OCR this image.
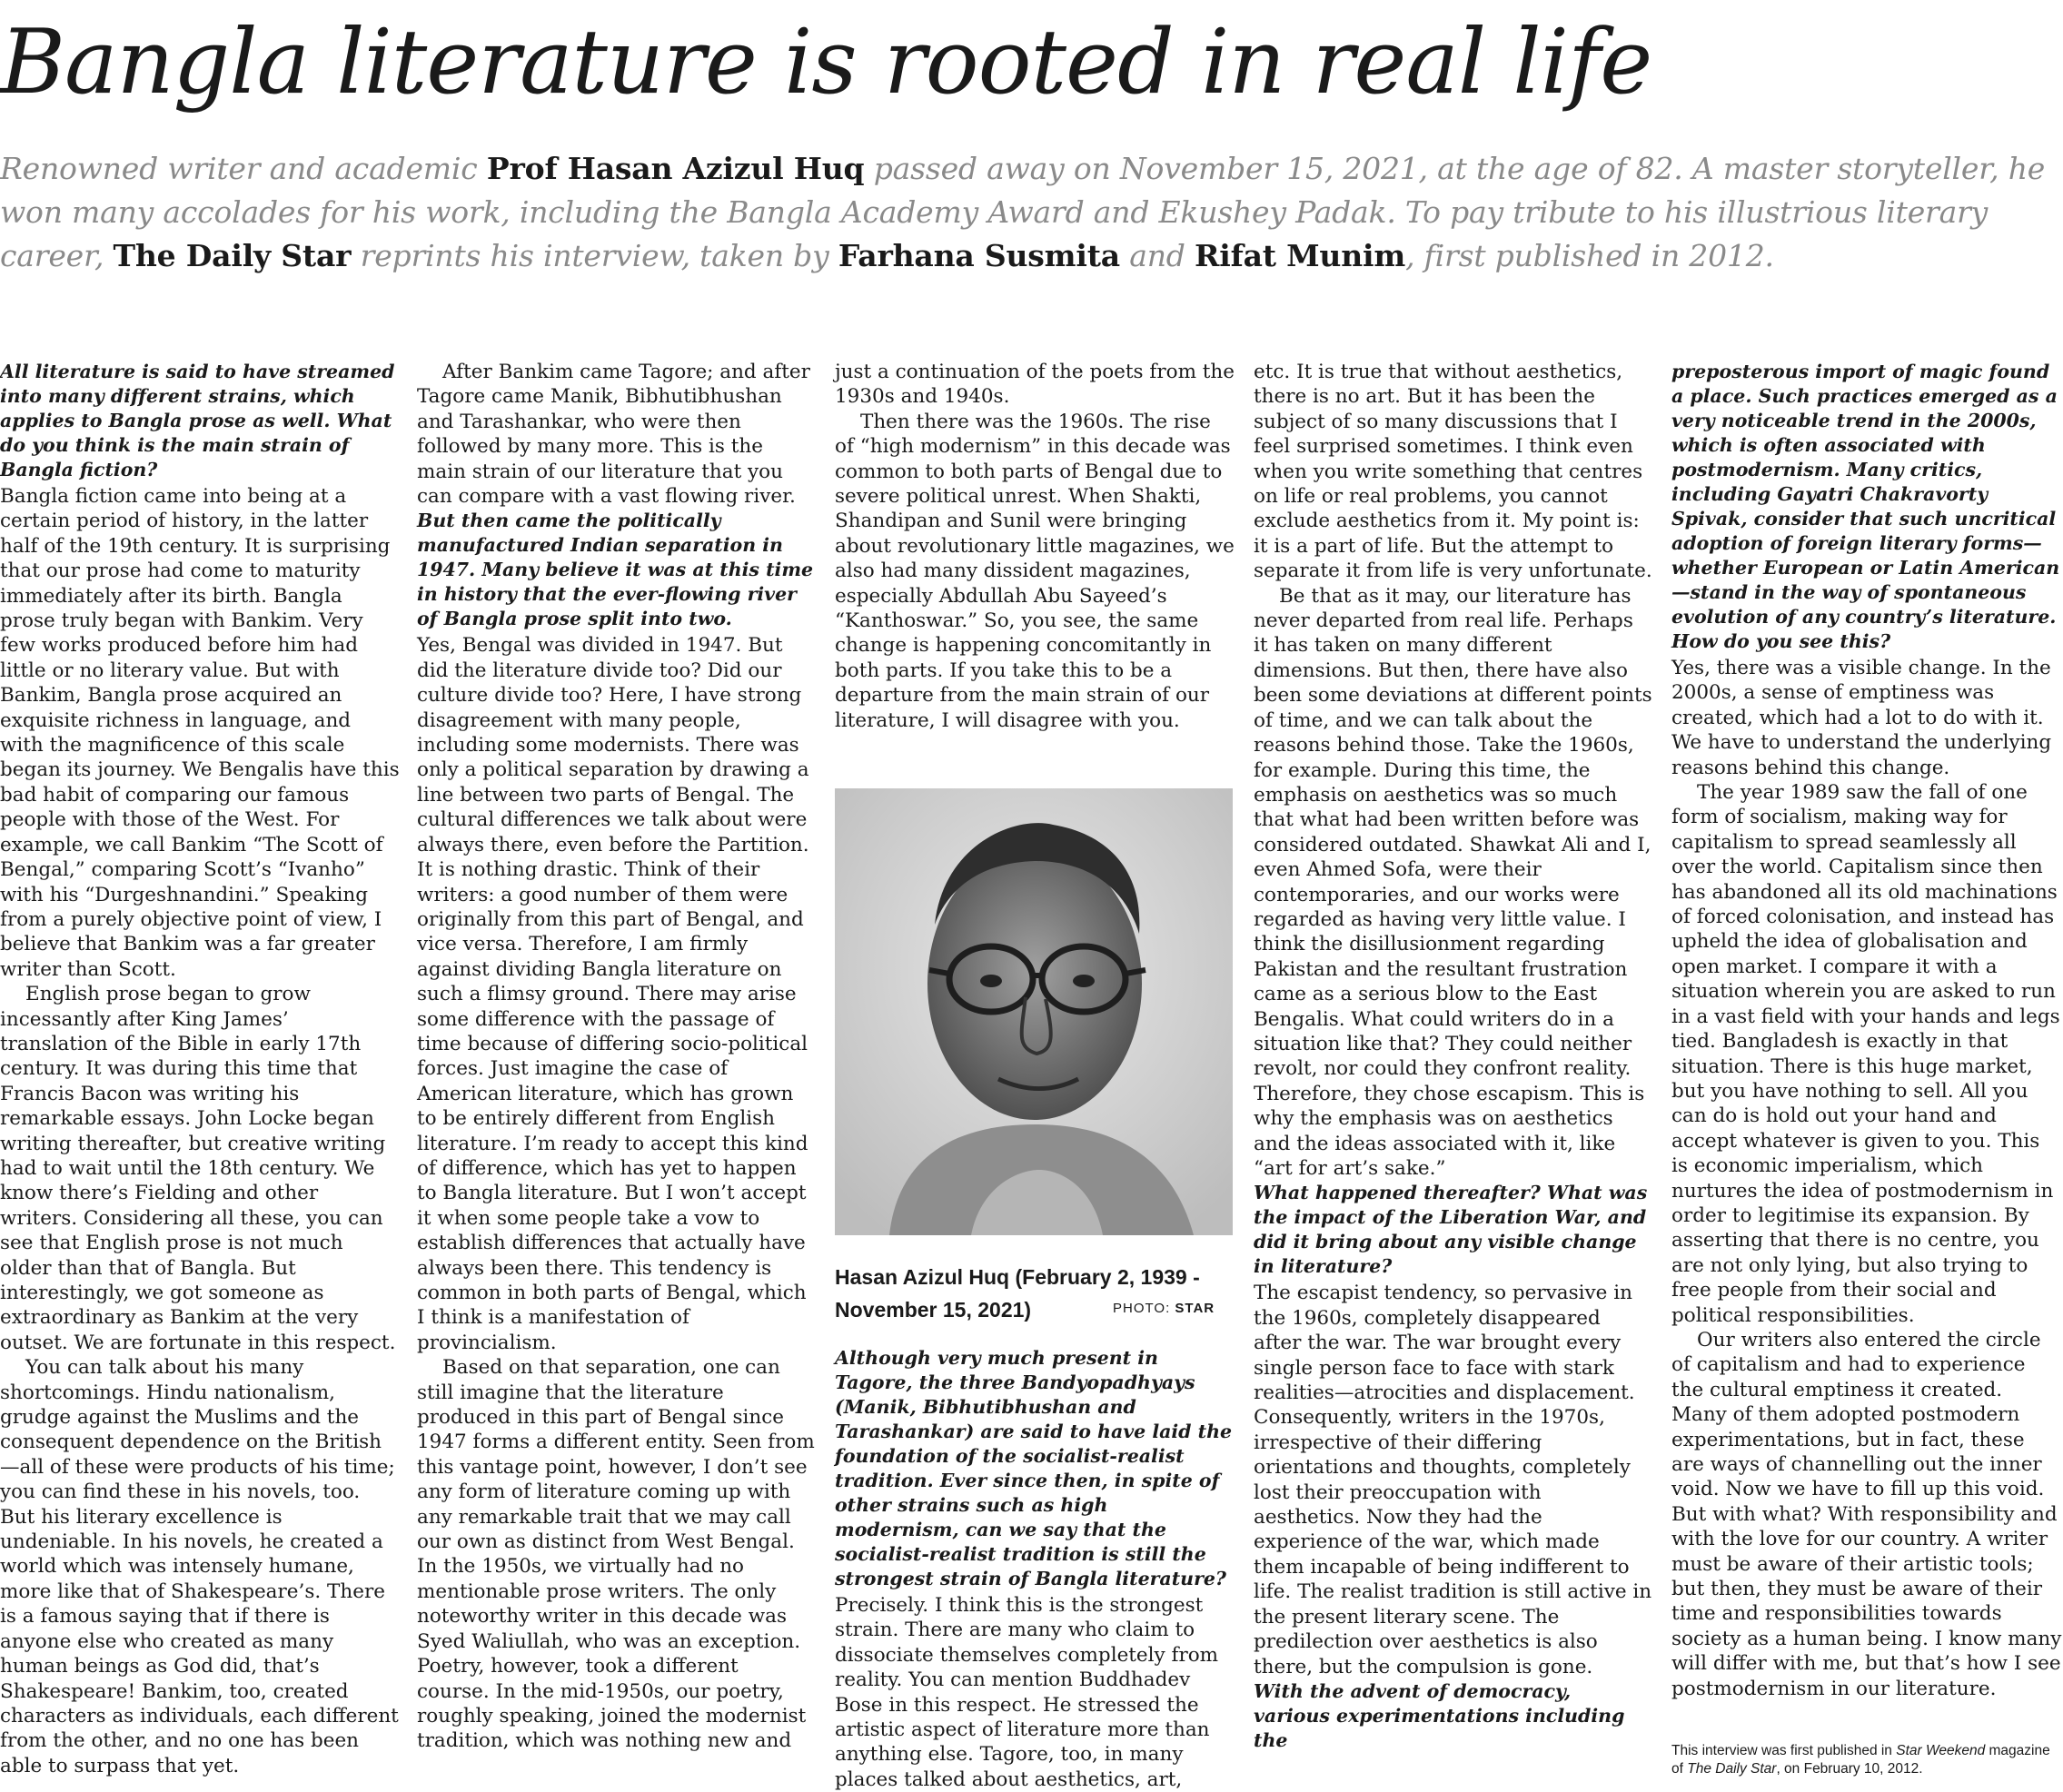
Bangla literature is rooted in real life

Renowned writer and academic Prof Hasan Azizul Huq passed away on November 15, 2021, at the age of 82. A master storyteller, he won many accolades for his work, including the Bangla Academy Award and Ekushey Padak. To pay tribute to his illustrious literary career, The Daily Star reprints his interview, taken by Farhana Susmita and Rifat Munim, first published in 2012.

All literature is said to have streamed into many different strains, which applies to Bangla prose as well. What do you think is the main strain of Bangla fiction?

Bangla fiction came into being at a certain period of history, in the latter half of the 19th century. It is surprising that our prose had come to maturity immediately after its birth. Bangla prose truly began with Bankim. Very few works produced before him had little or no literary value. But with Bankim, Bangla prose acquired an exquisite richness in language, and with the magnificence of this scale began its journey. We Bengalis have this bad habit of comparing our famous people with those of the West. For example, we call Bankim “The Scott of Bengal,” comparing Scott’s “Ivanho” with his “Durgeshnandini.” Speaking from a purely objective point of view, I believe that Bankim was a far greater writer than Scott.

English prose began to grow incessantly after King James’ translation of the Bible in early 17th century. It was during this time that Francis Bacon was writing his remarkable essays. John Locke began writing thereafter, but creative writing had to wait until the 18th century. We know there’s Fielding and other writers. Considering all these, you can see that English prose is not much older than that of Bangla. But interestingly, we got someone as extraordinary as Bankim at the very outset. We are fortunate in this respect.

You can talk about his many shortcomings. Hindu nationalism, grudge against the Muslims and the consequent dependence on the British—all of these were products of his time; you can find these in his novels, too. But his literary excellence is undeniable. In his novels, he created a world which was intensely humane, more like that of Shakespeare’s. There is a famous saying that if there is anyone else who created as many human beings as God did, that’s Shakespeare! Bankim, too, created characters as individuals, each different from the other, and no one has been able to surpass that yet.

After Bankim came Tagore; and after Tagore came Manik, Bibhutibhushan and Tarashankar, who were then followed by many more. This is the main strain of our literature that you can compare with a vast flowing river.

But then came the politically manufactured Indian separation in 1947. Many believe it was at this time in history that the ever-flowing river of Bangla prose split into two.

Yes, Bengal was divided in 1947. But did the literature divide too? Did our culture divide too? Here, I have strong disagreement with many people, including some modernists. There was only a political separation by drawing a line between two parts of Bengal. The cultural differences we talk about were always there, even before the Partition. It is nothing drastic. Think of their writers: a good number of them were originally from this part of Bengal, and vice versa. Therefore, I am firmly against dividing Bangla literature on such a flimsy ground. There may arise some difference with the passage of time because of differing socio-political forces. Just imagine the case of American literature, which has grown to be entirely different from English literature. I’m ready to accept this kind of difference, which has yet to happen to Bangla literature. But I won’t accept it when some people take a vow to establish differences that actually have always been there. This tendency is common in both parts of Bengal, which I think is a manifestation of provincialism.

Based on that separation, one can still imagine that the literature produced in this part of Bengal since 1947 forms a different entity. Seen from this vantage point, however, I don’t see any form of literature coming up with any remarkable trait that we may call our own as distinct from West Bengal. In the 1950s, we virtually had no mentionable prose writers. The only noteworthy writer in this decade was Syed Waliullah, who was an exception. Poetry, however, took a different course. In the mid-1950s, our poetry, roughly speaking, joined the modernist tradition, which was nothing new and

just a continuation of the poets from the 1930s and 1940s.

Then there was the 1960s. The rise of “high modernism” in this decade was common to both parts of Bengal due to severe political unrest. When Shakti, Shandipan and Sunil were bringing about revolutionary little magazines, we also had many dissident magazines, especially Abdullah Abu Sayeed’s “Kanthoswar.” So, you see, the same change is happening concomitantly in both parts. If you take this to be a departure from the main strain of our literature, I will disagree with you.

Hasan Azizul Huq (February 2, 1939 - November 15, 2021)	PHOTO: STAR

Although very much present in Tagore, the three Bandyopadhyays (Manik, Bibhutibhushan and Tarashankar) are said to have laid the foundation of the socialist-realist tradition. Ever since then, in spite of other strains such as high modernism, can we say that the socialist-realist tradition is still the strongest strain of Bangla literature?

Precisely. I think this is the strongest strain. There are many who claim to dissociate themselves completely from reality. You can mention Buddhadev Bose in this respect. He stressed the artistic aspect of literature more than anything else. Tagore, too, in many places talked about aesthetics, art,

etc. It is true that without aesthetics, there is no art. But it has been the subject of so many discussions that I feel surprised sometimes. I think even when you write something that centres on life or real problems, you cannot exclude aesthetics from it. My point is: it is a part of life. But the attempt to separate it from life is very unfortunate.

Be that as it may, our literature has never departed from real life. Perhaps it has taken on many different dimensions. But then, there have also been some deviations at different points of time, and we can talk about the reasons behind those. Take the 1960s, for example. During this time, the emphasis on aesthetics was so much that what had been written before was considered outdated. Shawkat Ali and I, even Ahmed Sofa, were their contemporaries, and our works were regarded as having very little value. I think the disillusionment regarding Pakistan and the resultant frustration came as a serious blow to the East Bengalis. What could writers do in a situation like that? They could neither revolt, nor could they confront reality. Therefore, they chose escapism. This is why the emphasis was on aesthetics and the ideas associated with it, like “art for art’s sake.”

What happened thereafter? What was the impact of the Liberation War, and did it bring about any visible change in literature?

The escapist tendency, so pervasive in the 1960s, completely disappeared after the war. The war brought every single person face to face with stark realities—atrocities and displacement. Consequently, writers in the 1970s, irrespective of their differing orientations and thoughts, completely lost their preoccupation with aesthetics. Now they had the experience of the war, which made them incapable of being indifferent to life. The realist tradition is still active in the present literary scene. The predilection over aesthetics is also there, but the compulsion is gone.

With the advent of democracy, various experimentations including the

preposterous import of magic found a place. Such practices emerged as a very noticeable trend in the 2000s, which is often associated with postmodernism. Many critics, including Gayatri Chakravorty Spivak, consider that such uncritical adoption of foreign literary forms—whether European or Latin American—stand in the way of spontaneous evolution of any country’s literature. How do you see this?

Yes, there was a visible change. In the 2000s, a sense of emptiness was created, which had a lot to do with it. We have to understand the underlying reasons behind this change.

The year 1989 saw the fall of one form of socialism, making way for capitalism to spread seamlessly all over the world. Capitalism since then has abandoned all its old machinations of forced colonisation, and instead has upheld the idea of globalisation and open market. I compare it with a situation wherein you are asked to run in a vast field with your hands and legs tied. Bangladesh is exactly in that situation. There is this huge market, but you have nothing to sell. All you can do is hold out your hand and accept whatever is given to you. This is economic imperialism, which nurtures the idea of postmodernism in order to legitimise its expansion. By asserting that there is no centre, you are not only lying, but also trying to free people from their social and political responsibilities.

Our writers also entered the circle of capitalism and had to experience the cultural emptiness it created. Many of them adopted postmodern experimentations, but in fact, these are ways of channelling out the inner void. Now we have to fill up this void. But with what? With responsibility and with the love for our country. A writer must be aware of their artistic tools; but then, they must be aware of their time and responsibilities towards society as a human being. I know many will differ with me, but that’s how I see postmodernism in our literature.

This interview was first published in Star Weekend magazine of The Daily Star, on February 10, 2012.
